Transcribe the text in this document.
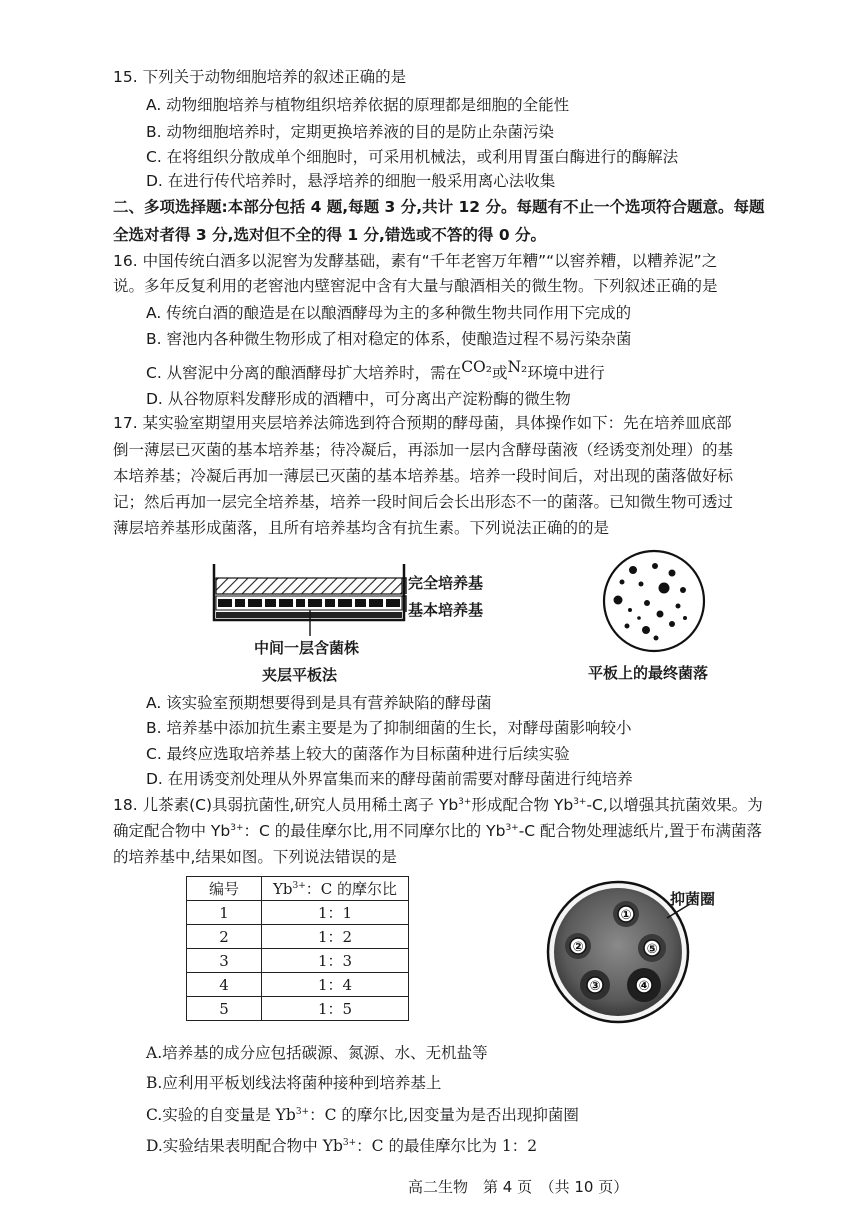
15. 下列关于动物细胞培养的叙述正确的是
A. 动物细胞培养与植物组织培养依据的原理都是细胞的全能性
B. 动物细胞培养时，定期更换培养液的目的是防止杂菌污染
C. 在将组织分散成单个细胞时，可采用机械法，或利用胃蛋白酶进行的酶解法
D. 在进行传代培养时，悬浮培养的细胞一般采用离心法收集
二、多项选择题:本部分包括 4 题,每题 3 分,共计 12 分。每题有不止一个选项符合题意。每题
全选对者得 3 分,选对但不全的得 1 分,错选或不答的得 0 分。
16. 中国传统白酒多以泥窖为发酵基础，素有“千年老窖万年糟”“以窖养糟，以糟养泥”之
说。多年反复利用的老窖池内壁窖泥中含有大量与酿酒相关的微生物。下列叙述正确的是
A. 传统白酒的酿造是在以酿酒酵母为主的多种微生物共同作用下完成的
B. 窖池内各种微生物形成了相对稳定的体系，使酿造过程不易污染杂菌
C. 从窖泥中分离的酿酒酵母扩大培养时，需在CO₂或N₂环境中进行
D. 从谷物原料发酵形成的酒糟中，可分离出产淀粉酶的微生物
17. 某实验室期望用夹层培养法筛选到符合预期的酵母菌，具体操作如下：先在培养皿底部
倒一薄层已灭菌的基本培养基；待冷凝后，再添加一层内含酵母菌液（经诱变剂处理）的基
本培养基；冷凝后再加一薄层已灭菌的基本培养基。培养一段时间后，对出现的菌落做好标
记；然后再加一层完全培养基，培养一段时间后会长出形态不一的菌落。已知微生物可透过
薄层培养基形成菌落，且所有培养基均含有抗生素。下列说法正确的的是
完全培养基
基本培养基
中间一层含菌株
夹层平板法	平板上的最终菌落
A. 该实验室预期想要得到是具有营养缺陷的酵母菌
B. 培养基中添加抗生素主要是为了抑制细菌的生长，对酵母菌影响较小
C. 最终应选取培养基上较大的菌落作为目标菌种进行后续实验
D. 在用诱变剂处理从外界富集而来的酵母菌前需要对酵母菌进行纯培养
18. 儿茶素(C)具弱抗菌性,研究人员用稀土离子 $Yb^{3+}$形成配合物 $Yb^{3+}-C$,以增强其抗菌效果。为
确定配合物中 $Yb^{3+}$：C 的最佳摩尔比,用不同摩尔比的 $Yb^{3+}-C$ 配合物处理滤纸片,置于布满菌落
的培养基中,结果如图。下列说法错误的是
编号	$Yb^{3+}$：C 的摩尔比
1	1：1
2	1：2
3	1：3
4	1：4
5	1：5
①
②
③	④
⑤
抑菌圈
A.培养基的成分应包括碳源、氮源、水、无机盐等
B.应利用平板划线法将菌种接种到培养基上
C.实验的自变量是 $Yb^{3+}$：C 的摩尔比,因变量为是否出现抑菌圈
D.实验结果表明配合物中 $Yb^{3+}$：C 的最佳摩尔比为 1：2
高二生物　第 4 页　（共 10 页）
